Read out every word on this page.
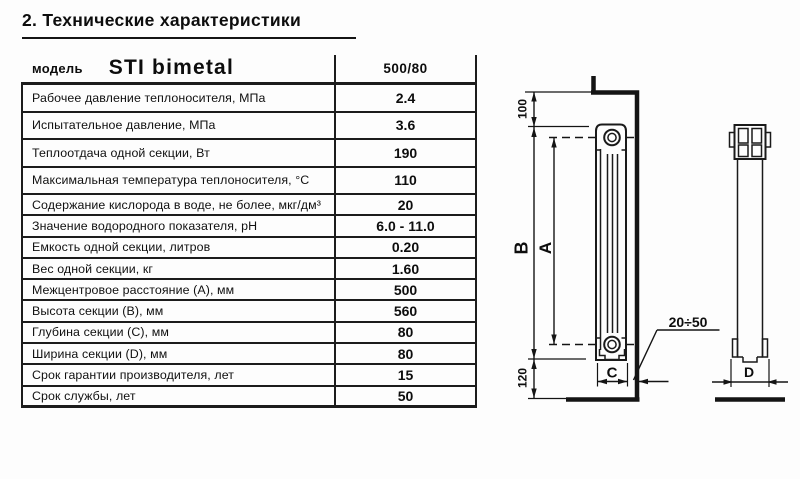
2. Технические характеристики
модель STI bimetal	500/80
Рабочее давление теплоносителя, МПа	2.4
Испытательное давление, МПа	3.6
Теплоотдача одной секции, Вт	190
Максимальная температура теплоносителя, °С	110
Содержание кислорода в воде, не более, мкг/дм³	20
Значение водородного показателя, рН	6.0 - 11.0
Емкость одной секции, литров	0.20
Вес одной секции, кг	1.60
Межцентровое расстояние (А), мм	500
Высота секции (В), мм	560
Глубина секции (С), мм	80
Ширина секции (D), мм	80
Срок гарантии производителя, лет	15
Срок службы, лет	50
100
B A
120	C	D
20÷50
